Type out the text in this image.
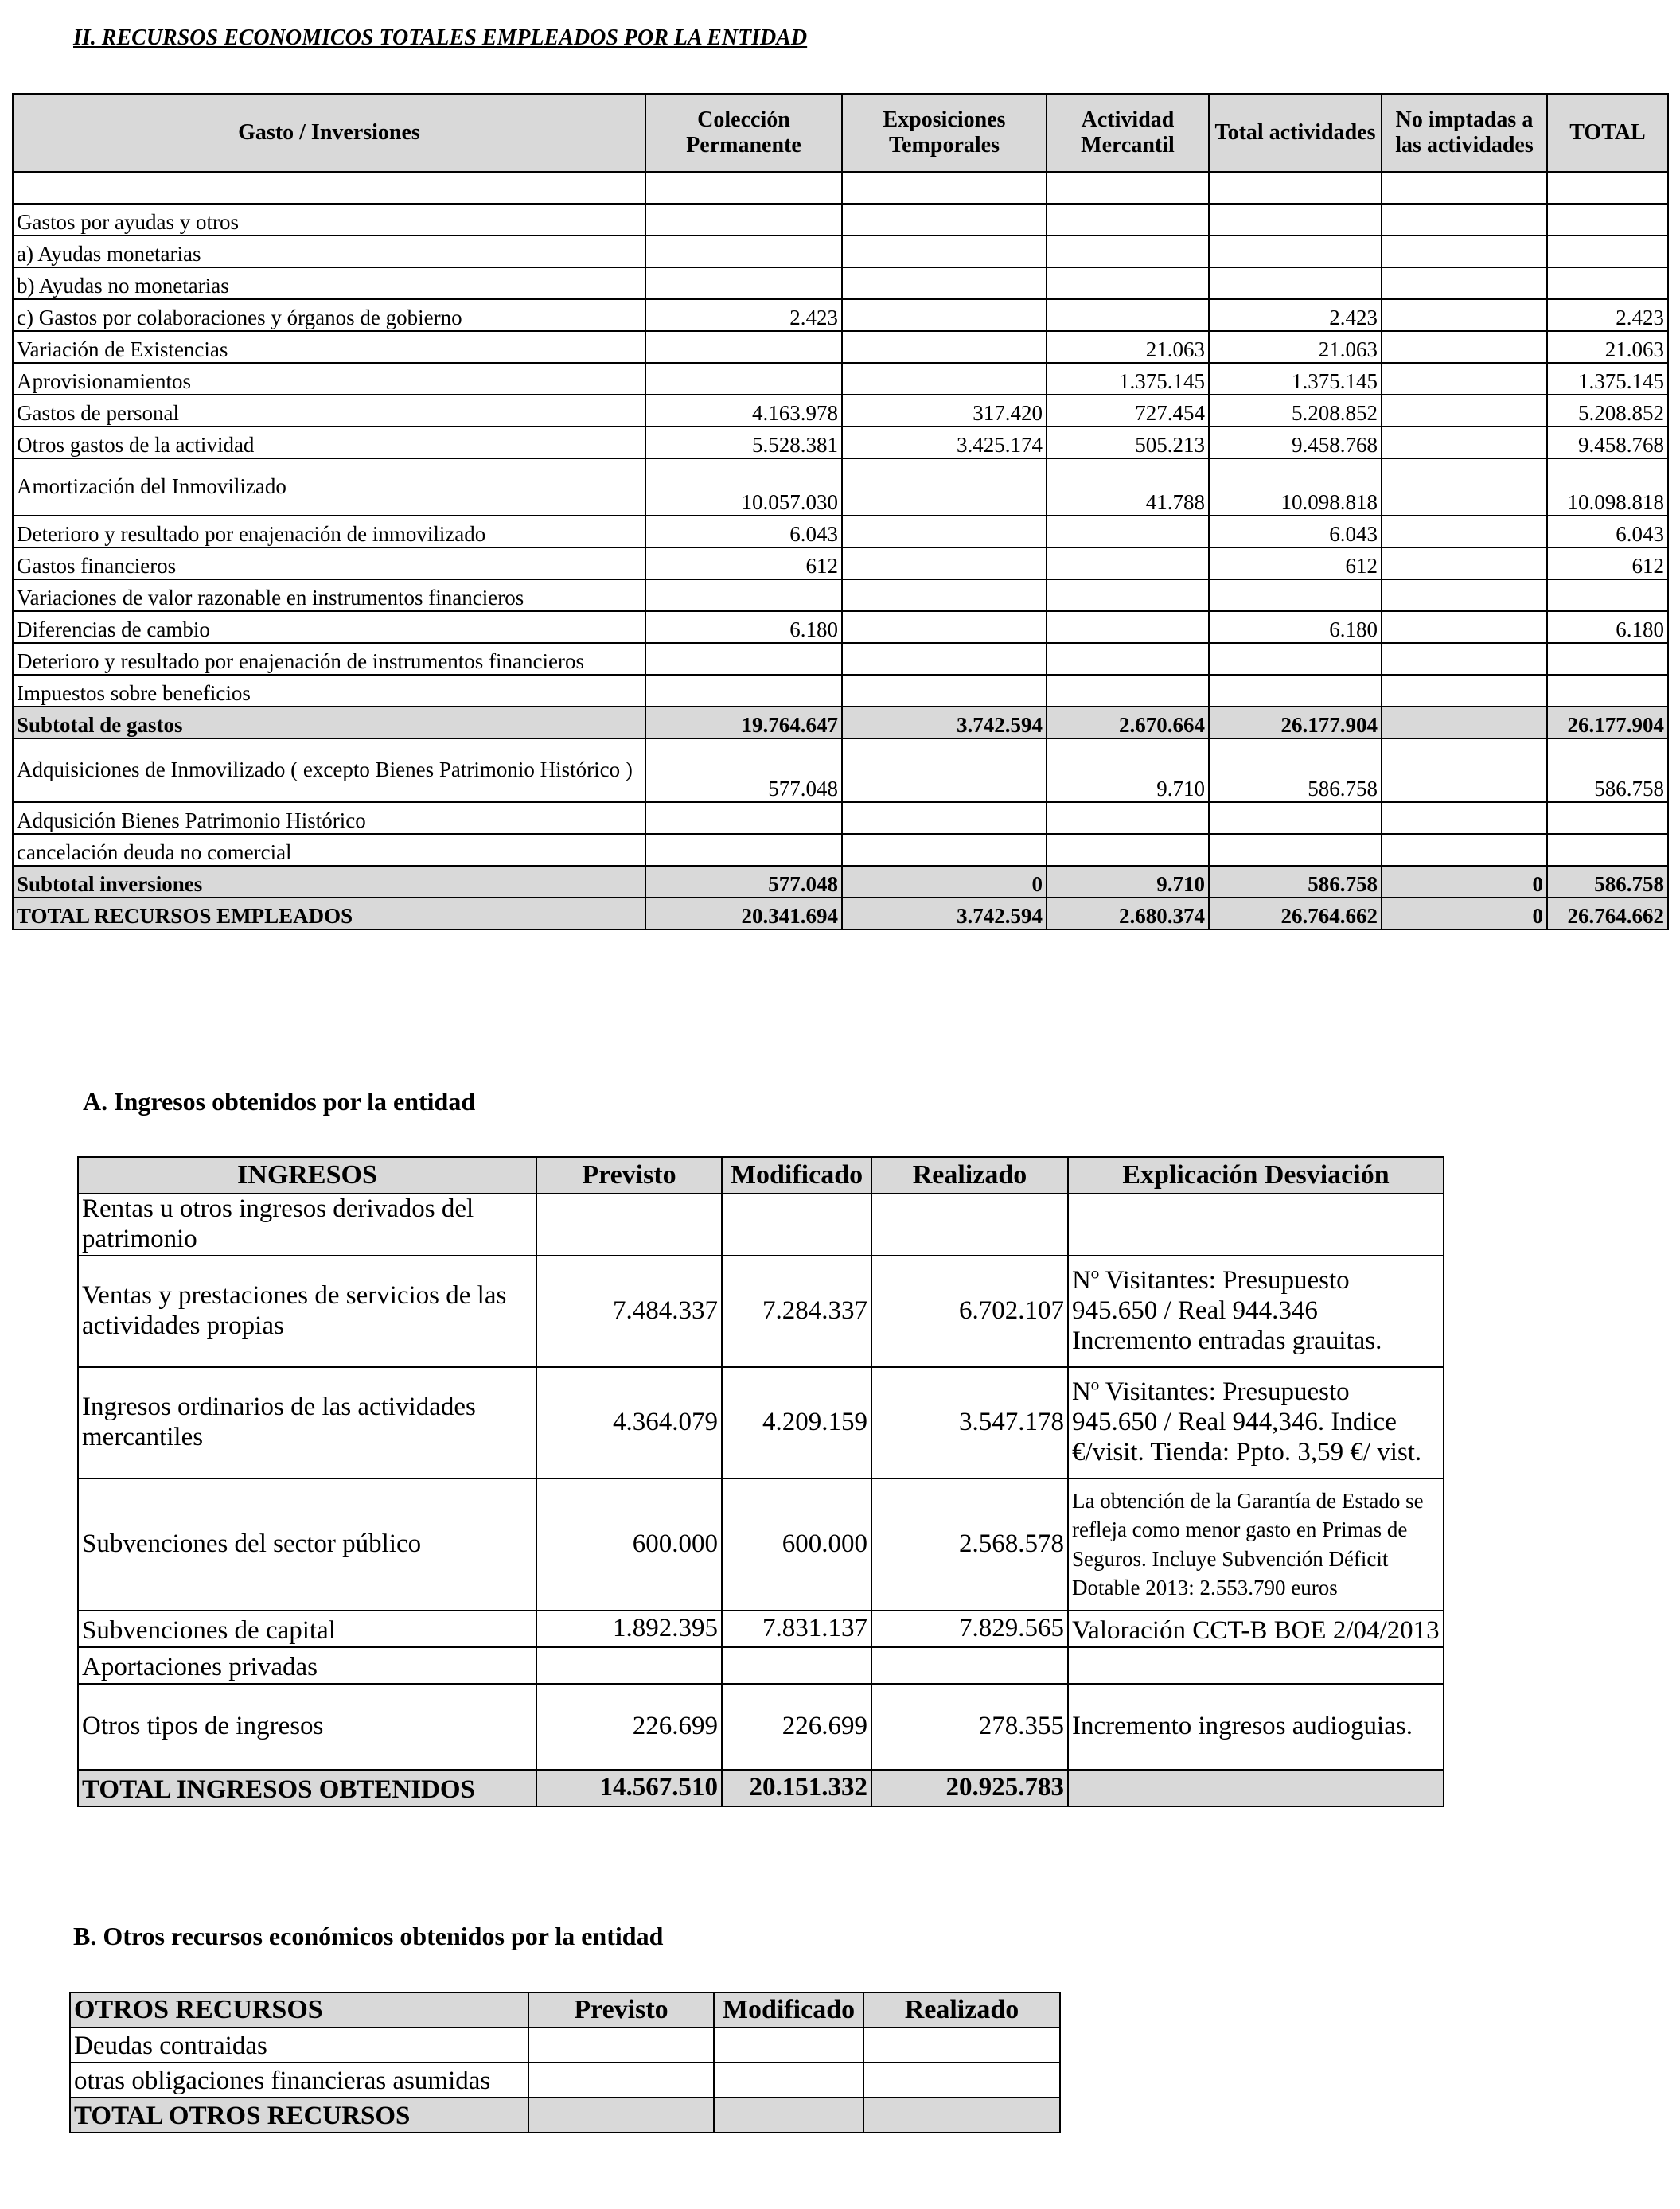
II. RECURSOS ECONOMICOS TOTALES EMPLEADOS POR LA ENTIDAD
Gasto / Inversiones	Colección Permanente	Exposiciones Temporales	Actividad Mercantil	Total actividades	No imptadas a las actividades	TOTAL

Gastos por ayudas y otros						
a) Ayudas monetarias						
b) Ayudas no monetarias						
c) Gastos por colaboraciones y órganos de gobierno	2.423			2.423		2.423
Variación de Existencias			21.063	21.063		21.063
Aprovisionamientos			1.375.145	1.375.145		1.375.145
Gastos de personal	4.163.978	317.420	727.454	5.208.852		5.208.852
Otros gastos de la actividad	5.528.381	3.425.174	505.213	9.458.768		9.458.768
Amortización del Inmovilizado	10.057.030		41.788	10.098.818		10.098.818
Deterioro y resultado por enajenación de inmovilizado	6.043			6.043		6.043
Gastos financieros	612			612		612
Variaciones de valor razonable en instrumentos financieros						
Diferencias de cambio	6.180			6.180		6.180
Deterioro y resultado por enajenación de instrumentos financieros						
Impuestos sobre beneficios						
Subtotal de gastos	19.764.647	3.742.594	2.670.664	26.177.904		26.177.904
Adquisiciones de Inmovilizado ( excepto Bienes Patrimonio Histórico )	577.048		9.710	586.758		586.758
Adqusición Bienes Patrimonio Histórico						
cancelación deuda no comercial						
Subtotal inversiones	577.048	0	9.710	586.758	0	586.758
TOTAL RECURSOS EMPLEADOS	20.341.694	3.742.594	2.680.374	26.764.662	0	26.764.662
A. Ingresos obtenidos por la entidad
INGRESOS	Previsto	Modificado	Realizado	Explicación Desviación
Rentas u otros ingresos derivados del patrimonio				
Ventas y prestaciones de servicios de las actividades propias	7.484.337	7.284.337	6.702.107	Nº Visitantes: Presupuesto 945.650 / Real 944.346 Incremento entradas grauitas.
Ingresos ordinarios de las actividades mercantiles	4.364.079	4.209.159	3.547.178	Nº Visitantes: Presupuesto 945.650 / Real 944,346. Indice €/visit. Tienda: Ppto. 3,59 €/ vist.
Subvenciones del sector público	600.000	600.000	2.568.578	La obtención de la Garantía de Estado se refleja como menor gasto en Primas de Seguros. Incluye Subvención Déficit Dotable 2013: 2.553.790 euros
Subvenciones de capital	1.892.395	7.831.137	7.829.565	Valoración CCT-B BOE 2/04/2013
Aportaciones privadas				
Otros tipos de ingresos	226.699	226.699	278.355	Incremento ingresos audioguias.
TOTAL INGRESOS OBTENIDOS	14.567.510	20.151.332	20.925.783	
B. Otros recursos económicos obtenidos por la entidad
OTROS RECURSOS	Previsto	Modificado	Realizado
Deudas contraidas			
otras obligaciones financieras asumidas			
TOTAL OTROS RECURSOS			
